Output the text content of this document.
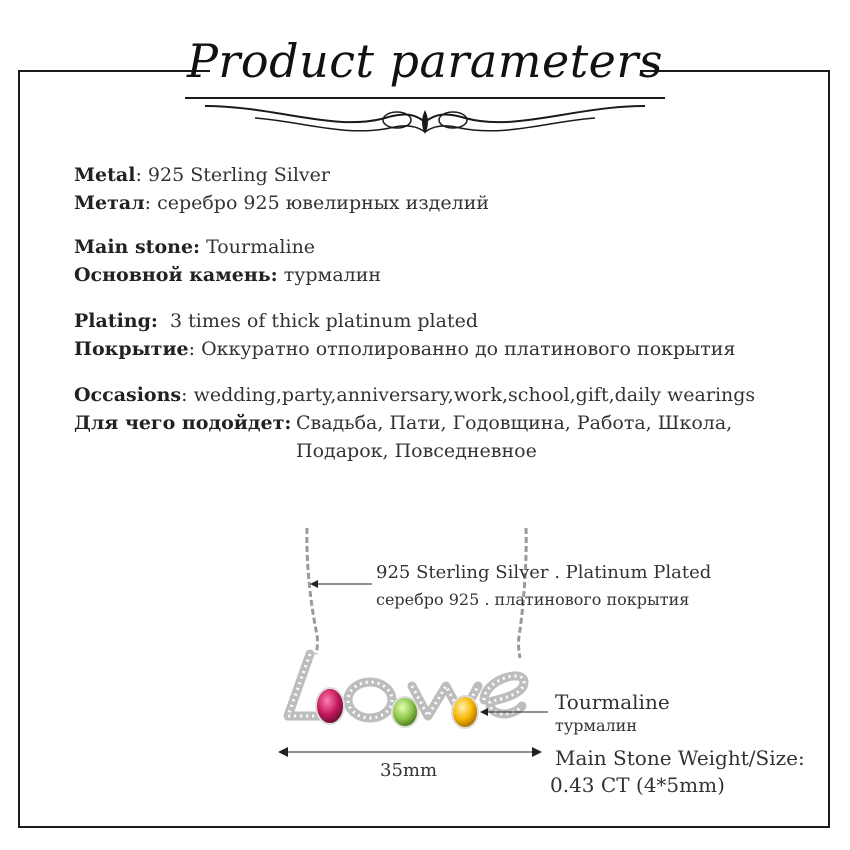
Product parameters
Metal: 925 Sterling Silver
Метал: серебро 925 ювелирных изделий
Main stone: Tourmaline
Основной камень: турмалин
Plating: 3 times of thick platinum plated
Покрытие: Оккуратно отполированно до платинового покрытия
Occasions: wedding,party,anniversary,work,school,gift,daily wearings
Для чего подойдет: Свадьба, Пати, Годовщина, Работа, Школа,
Подарок, Повседневное
925 Sterling Silver . Platinum Plated
серебро 925 . платинового покрытия
Tourmaline
турмалин
35mm
Main Stone Weight/Size:
0.43 CT (4*5mm)
